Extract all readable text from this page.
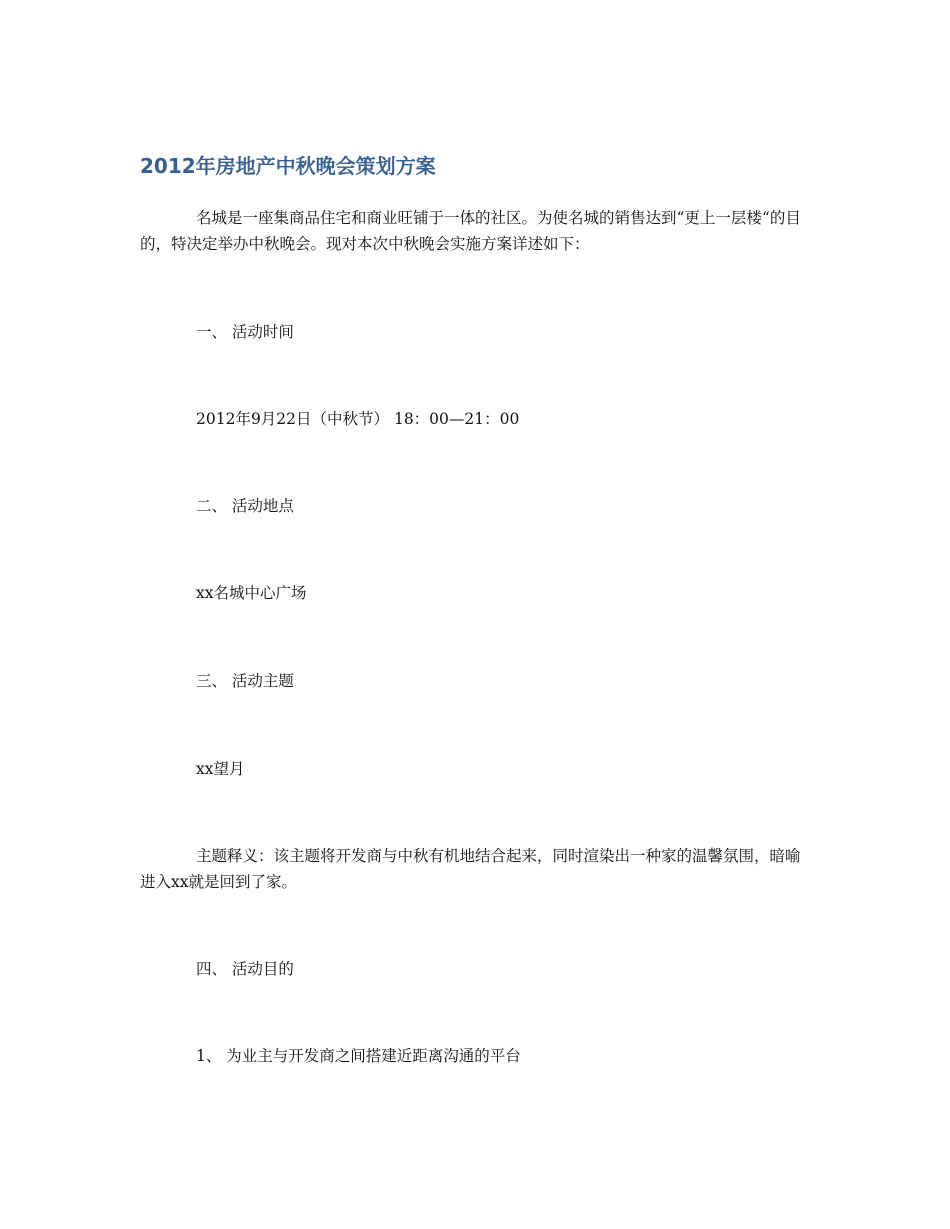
2012年房地产中秋晚会策划方案

名城是一座集商品住宅和商业旺铺于一体的社区。为使名城的销售达到“更上一层楼“的目的，特决定举办中秋晚会。现对本次中秋晚会实施方案详述如下：

一、 活动时间
2012年9月22日（中秋节） 18：00—21：00
二、 活动地点
xx名城中心广场
三、 活动主题
xx望月

主题释义：该主题将开发商与中秋有机地结合起来，同时渲染出一种家的温馨氛围，暗喻进入xx就是回到了家。

四、 活动目的
1、 为业主与开发商之间搭建近距离沟通的平台
